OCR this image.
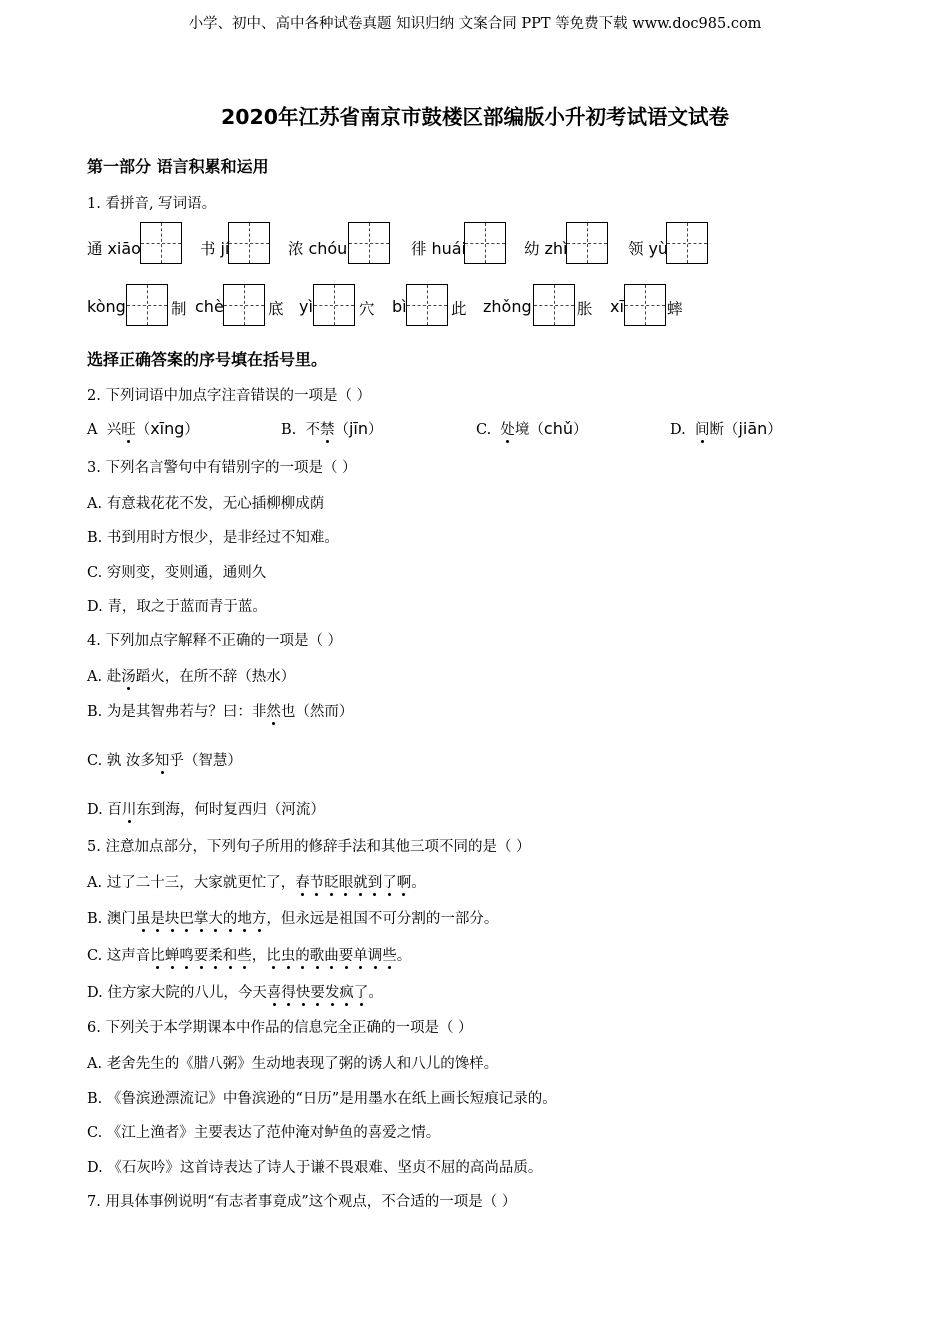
小学、初中、高中各种试卷真题 知识归纳 文案合同 PPT 等免费下载 www.doc985.com
2020年江苏省南京市鼓楼区部编版小升初考试语文试卷
第一部分 语言积累和运用
1. 看拼音, 写词语。
通 xiāo	书 jí	浓 chóu	徘 huái	幼 zhì	领 yù
kòng	制 chè	底 yì	穴 bì	此 zhǒng	胀 xī	蟀
选择正确答案的序号填在括号里。
2. 下列词语中加点字注音错误的一项是（ ）
A 兴旺（xīng）	B. 不禁（jīn）	C. 处境（chǔ）	D. 间断（jiān）
3. 下列名言警句中有错别字的一项是（ ）
A. 有意栽花花不发，无心插柳柳成荫
B. 书到用时方恨少，是非经过不知难。
C. 穷则变，变则通，通则久
D. 青，取之于蓝而青于蓝。
4. 下列加点字解释不正确的一项是（ ）
A. 赴汤蹈火，在所不辞（热水）
B. 为是其智弗若与？曰：非然也（然而）
C. 孰 汝多知乎（智慧）
D. 百川东到海，何时复西归（河流）
5. 注意加点部分，下列句子所用的修辞手法和其他三项不同的是（ ）
A. 过了二十三，大家就更忙了，春节眨眼就到了啊。
B. 澳门虽是块巴掌大的地方，但永远是祖国不可分割的一部分。
C. 这声音比蝉鸣要柔和些，比虫的歌曲要单调些。
D. 住方家大院的八儿，今天喜得快要发疯了。
6. 下列关于本学期课本中作品的信息完全正确的一项是（ ）
A. 老舍先生的《腊八粥》生动地表现了粥的诱人和八儿的馋样。
B. 《鲁滨逊漂流记》中鲁滨逊的“日历”是用墨水在纸上画长短痕记录的。
C. 《江上渔者》主要表达了范仲淹对鲈鱼的喜爱之情。
D. 《石灰吟》这首诗表达了诗人于谦不畏艰难、坚贞不屈的高尚品质。
7. 用具体事例说明“有志者事竟成”这个观点，不合适的一项是（ ）
